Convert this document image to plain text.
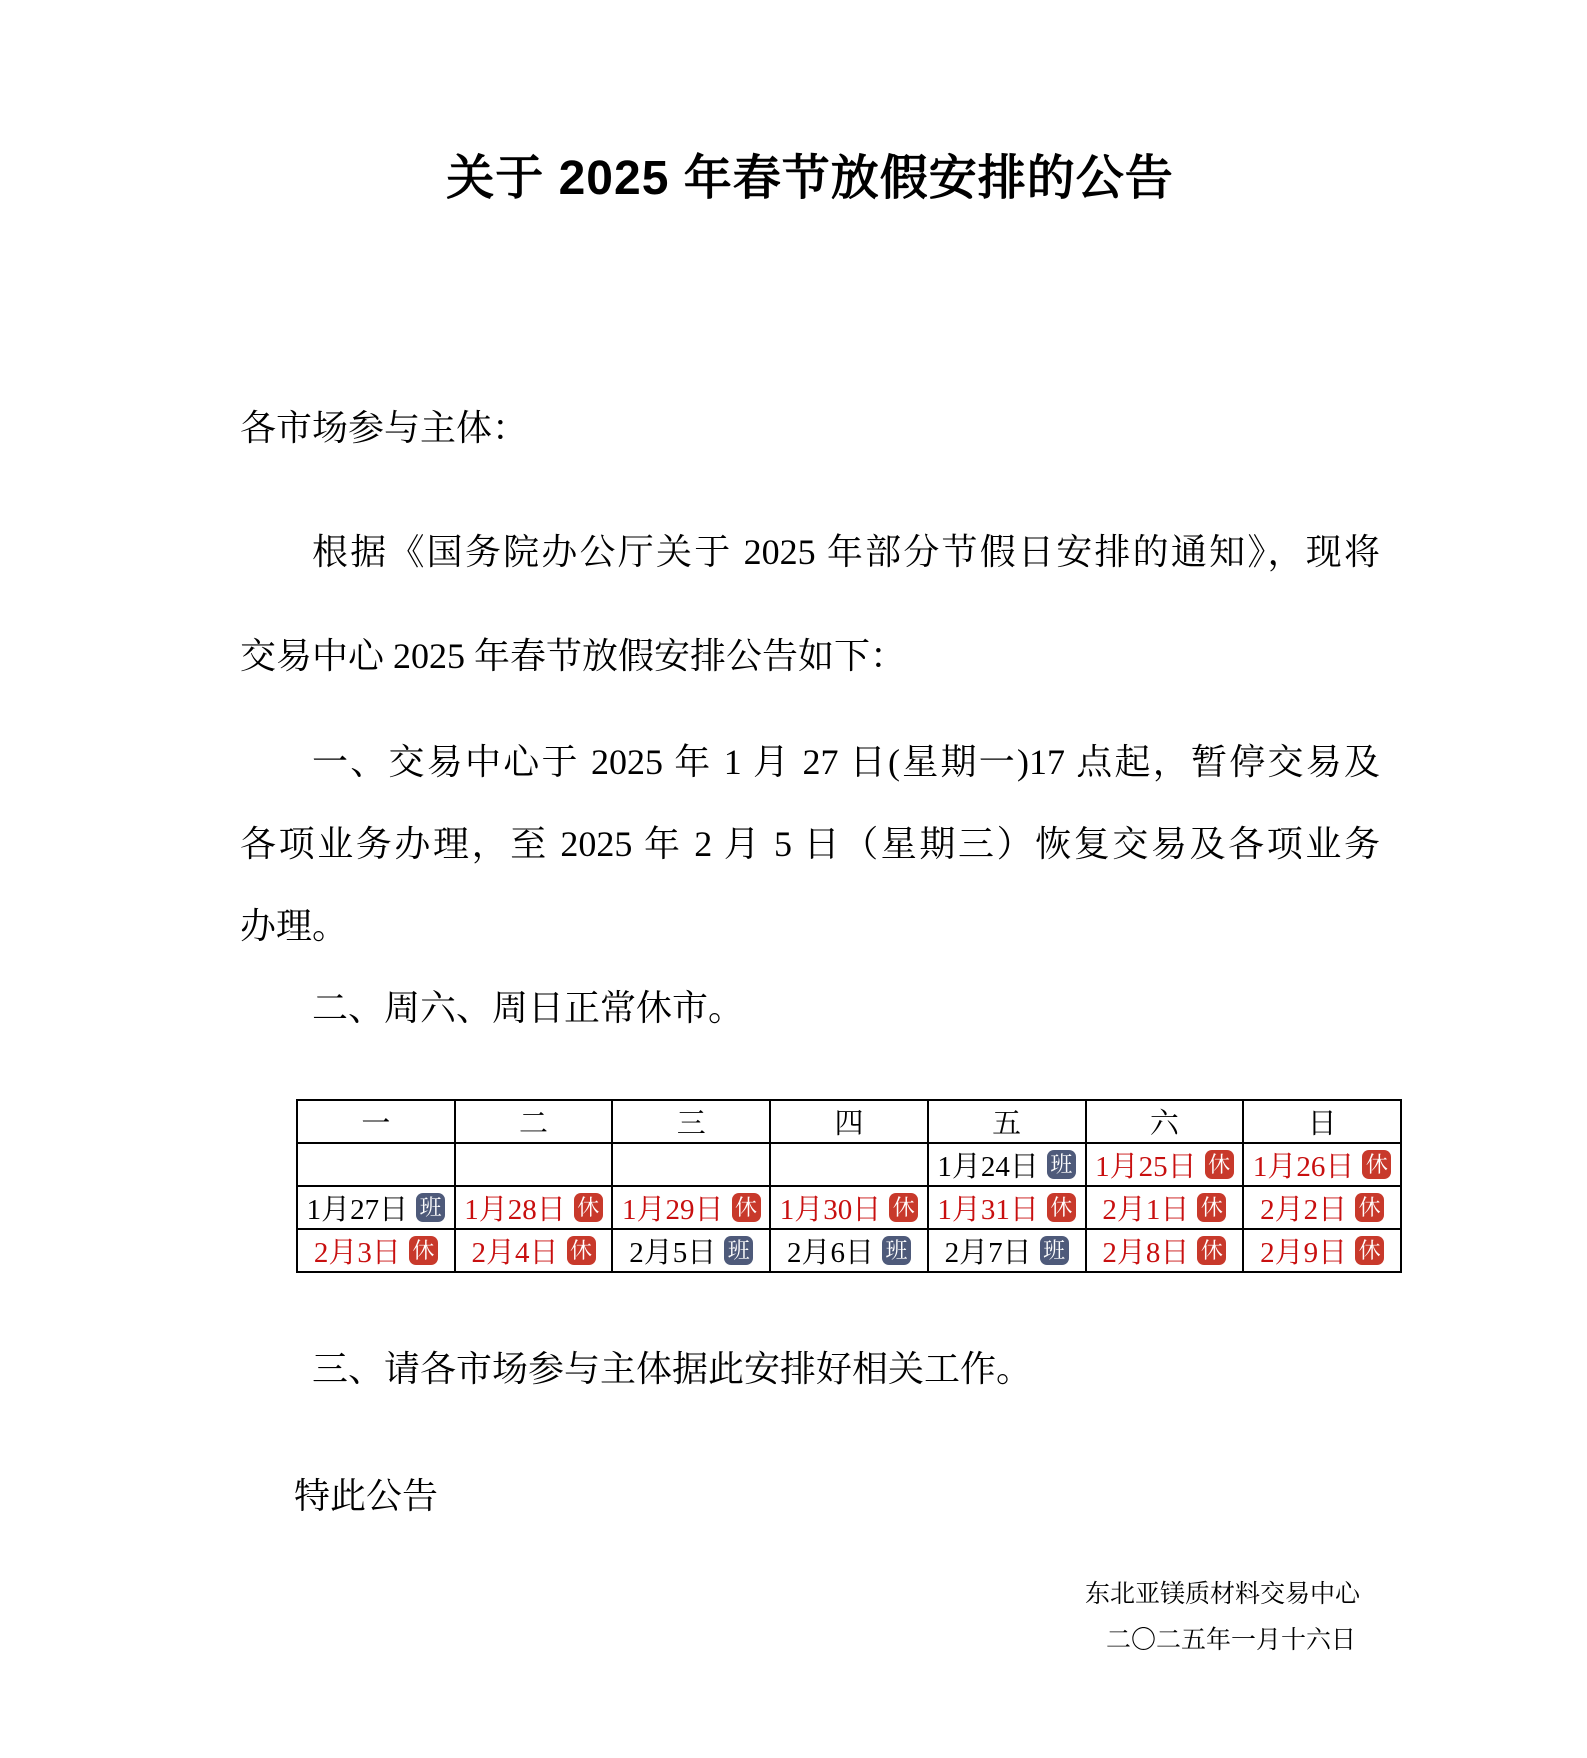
关于 2025 年春节放假安排的公告
各市场参与主体：
根据《国务院办公厅关于 2025 年部分节假日安排的通知》，现将
交易中心 2025 年春节放假安排公告如下：
一、交易中心于 2025 年 1 月 27 日(星期一)17 点起，暂停交易及
各项业务办理，至 2025 年 2 月 5 日（星期三）恢复交易及各项业务
办理。
二、周六、周日正常休市。
一	二	三	四	五	六	日
				1月24日 班	1月25日 休	1月26日 休
1月27日 班	1月28日 休	1月29日 休	1月30日 休	1月31日 休	2月1日 休	2月2日 休
2月3日 休	2月4日 休	2月5日 班	2月6日 班	2月7日 班	2月8日 休	2月9日 休
三、请各市场参与主体据此安排好相关工作。
特此公告
东北亚镁质材料交易中心
二〇二五年一月十六日
